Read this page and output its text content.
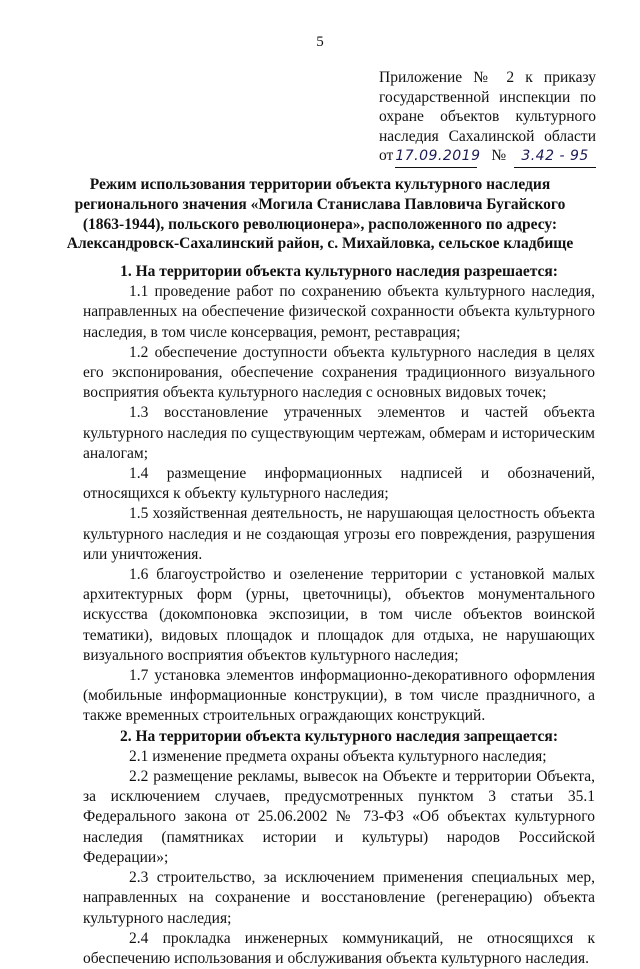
5
Приложение № 2 к приказу
государственной инспекции по
охране объектов культурного
наследия Сахалинской области
от 17.09.2019 №	3.42 - 95
Режим использования территории объекта культурного наследия
регионального значения «Могила Станислава Павловича Бугайского
(1863-1944), польского революционера», расположенного по адресу:
Александровск-Сахалинский район, с. Михайловка, сельское кладбище
1. На территории объекта культурного наследия разрешается:
1.1 проведение работ по сохранению объекта культурного наследия, направленных на обеспечение физической сохранности объекта культурного наследия, в том числе консервация, ремонт, реставрация;
1.2 обеспечение доступности объекта культурного наследия в целях его экспонирования, обеспечение сохранения традиционного визуального восприятия объекта культурного наследия с основных видовых точек;
1.3 восстановление утраченных элементов и частей объекта культурного наследия по существующим чертежам, обмерам и историческим аналогам;
1.4 размещение информационных надписей и обозначений, относящихся к объекту культурного наследия;
1.5 хозяйственная деятельность, не нарушающая целостность объекта культурного наследия и не создающая угрозы его повреждения, разрушения или уничтожения.
1.6 благоустройство и озеленение территории с установкой малых архитектурных форм (урны, цветочницы), объектов монументального искусства (докомпоновка экспозиции, в том числе объектов воинской тематики), видовых площадок и площадок для отдыха, не нарушающих визуального восприятия объектов культурного наследия;
1.7 установка элементов информационно-декоративного оформления (мобильные информационные конструкции), в том числе праздничного, а также временных строительных ограждающих конструкций.
2. На территории объекта культурного наследия запрещается:
2.1 изменение предмета охраны объекта культурного наследия;
2.2 размещение рекламы, вывесок на Объекте и территории Объекта, за исключением случаев, предусмотренных пунктом 3 статьи 35.1 Федерального закона от 25.06.2002 № 73-ФЗ «Об объектах культурного наследия (памятниках истории и культуры) народов Российской Федерации»;
2.3 строительство, за исключением применения специальных мер, направленных на сохранение и восстановление (регенерацию) объекта культурного наследия;
2.4 прокладка инженерных коммуникаций, не относящихся к обеспечению использования и обслуживания объекта культурного наследия.
